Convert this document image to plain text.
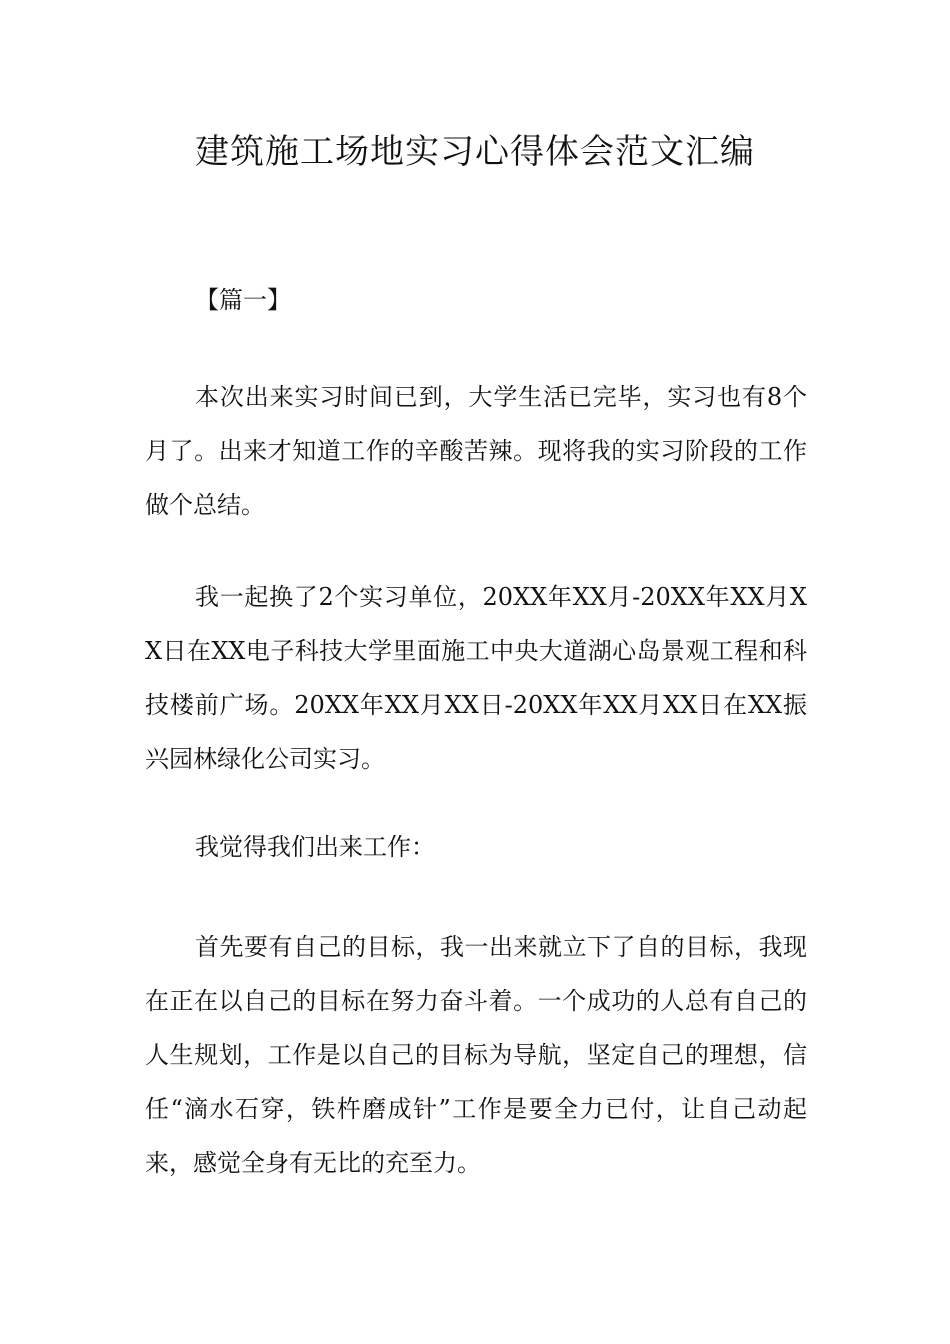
建筑施工场地实习心得体会范文汇编

【篇一】

本次出来实习时间已到，大学生活已完毕，实习也有8个月了。出来才知道工作的辛酸苦辣。现将我的实习阶段的工作做个总结。

我一起换了2个实习单位，20XX年XX月-20XX年XX月XX日在XX电子科技大学里面施工中央大道湖心岛景观工程和科技楼前广场。20XX年XX月XX日-20XX年XX月XX日在XX振兴园林绿化公司实习。

我觉得我们出来工作：

首先要有自己的目标，我一出来就立下了自的目标，我现在正在以自己的目标在努力奋斗着。一个成功的人总有自己的人生规划，工作是以自己的目标为导航，坚定自己的理想，信任“滴水石穿，铁杵磨成针”工作是要全力已付，让自己动起来，感觉全身有无比的充至力。
